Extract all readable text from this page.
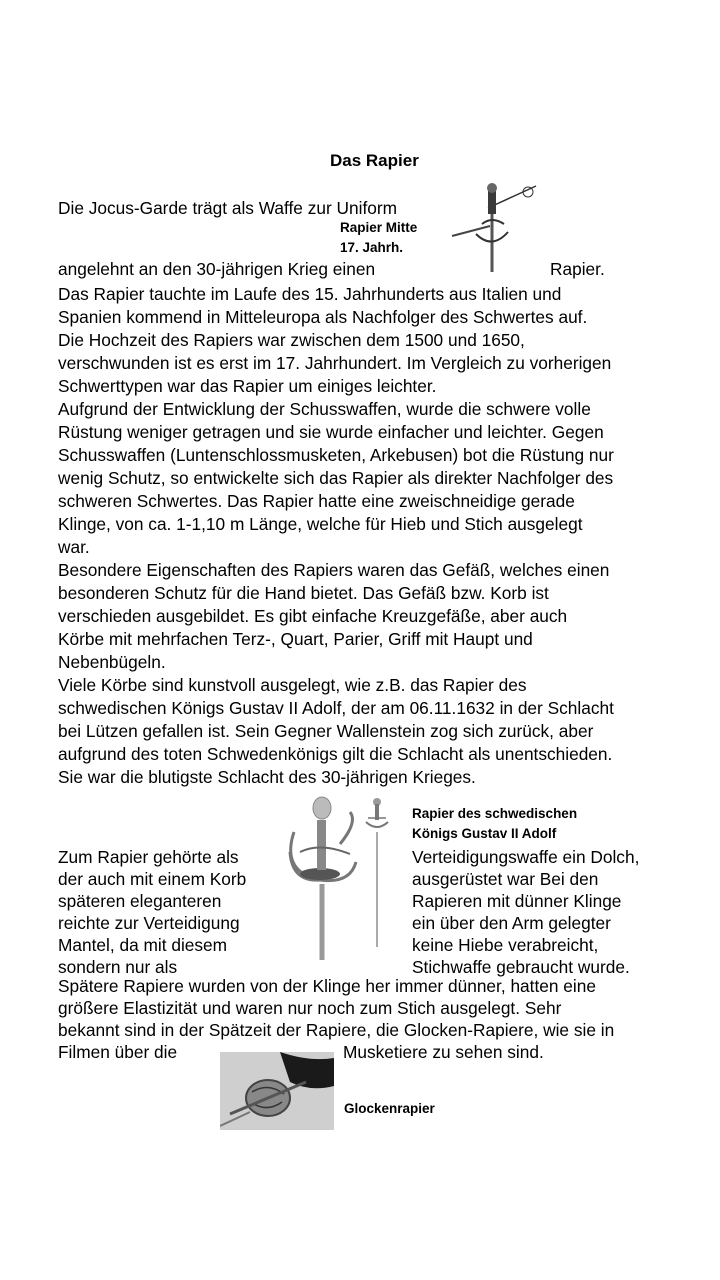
Das Rapier
Die Jocus-Garde trägt als Waffe zur Uniform
Rapier Mitte
17. Jahrh.
angelehnt an den 30-jährigen Krieg einen	Rapier.
Das Rapier tauchte im Laufe des 15. Jahrhunderts aus Italien und
Spanien kommend in Mitteleuropa als Nachfolger des Schwertes auf.
Die Hochzeit des Rapiers war zwischen dem 1500 und 1650,
verschwunden ist es erst im 17. Jahrhundert. Im Vergleich zu vorherigen
Schwerttypen war das Rapier um einiges leichter.
Aufgrund der Entwicklung der Schusswaffen, wurde die schwere volle
Rüstung weniger getragen und sie wurde einfacher und leichter. Gegen
Schusswaffen (Luntenschlossmusketen, Arkebusen) bot die Rüstung nur
wenig Schutz, so entwickelte sich das Rapier als direkter Nachfolger des
schweren Schwertes. Das Rapier hatte eine zweischneidige gerade
Klinge, von ca. 1-1,10 m Länge, welche für Hieb und Stich ausgelegt
war.
Besondere Eigenschaften des Rapiers waren das Gefäß, welches einen
besonderen Schutz für die Hand bietet. Das Gefäß bzw. Korb ist
verschieden ausgebildet. Es gibt einfache Kreuzgefäße, aber auch
Körbe mit mehrfachen Terz-, Quart, Parier, Griff mit Haupt und
Nebenbügeln.
Viele Körbe sind kunstvoll ausgelegt, wie z.B. das Rapier des
schwedischen Königs Gustav II Adolf, der am 06.11.1632 in der Schlacht
bei Lützen gefallen ist. Sein Gegner Wallenstein zog sich zurück, aber
aufgrund des toten Schwedenkönigs gilt die Schlacht als unentschieden.
Sie war die blutigste Schlacht des 30-jährigen Krieges.
Rapier des schwedischen
Königs Gustav II Adolf
Zum Rapier gehörte als	Verteidigungswaffe ein Dolch,
der auch mit einem Korb	ausgerüstet war Bei den
späteren eleganteren	Rapieren mit dünner Klinge
reichte zur Verteidigung	ein über den Arm gelegter
Mantel, da mit diesem	keine Hiebe verabreicht,
sondern nur als	Stichwaffe gebraucht wurde.
Spätere Rapiere wurden von der Klinge her immer dünner, hatten eine
größere Elastizität und waren nur noch zum Stich ausgelegt. Sehr
bekannt sind in der Spätzeit der Rapiere, die Glocken-Rapiere, wie sie in
Filmen über die	Musketiere zu sehen sind.
Glockenrapier
